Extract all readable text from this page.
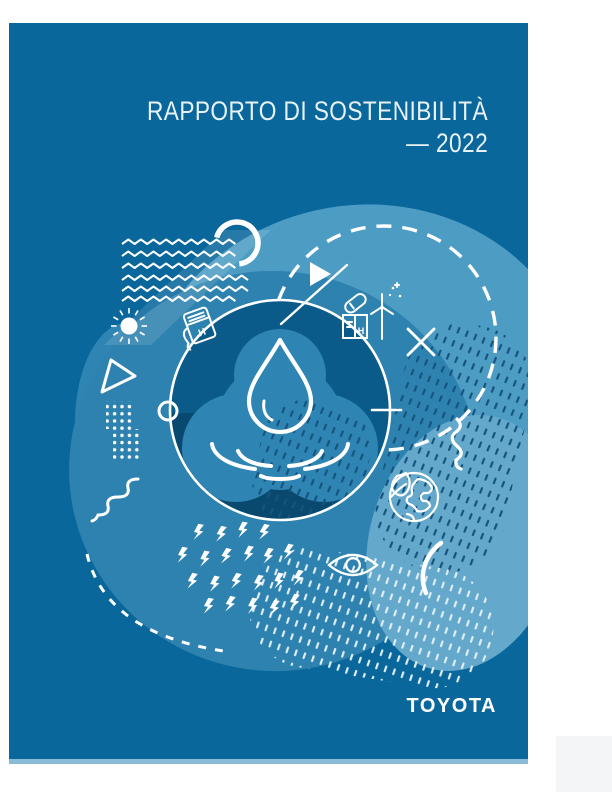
H	H
RAPPORTO DI SOSTENIBILITÀ
— 2022
TOYOTA
